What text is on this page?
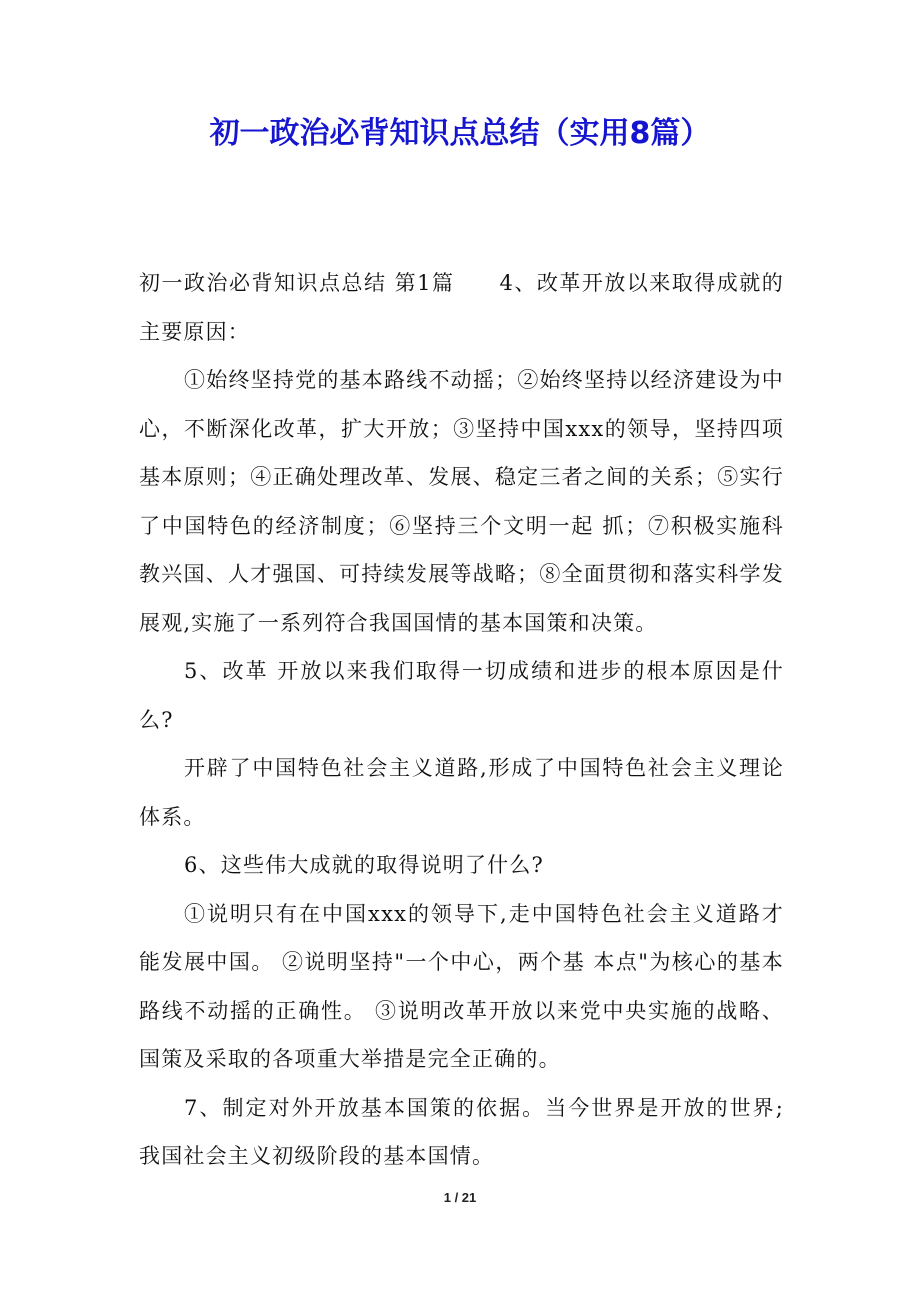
初一政治必背知识点总结（实用8篇）

初一政治必背知识点总结 第1篇　　4、改革开放以来取得成就的 主要原因：

①始终坚持党的基本路线不动摇；②始终坚持以经济建设为中心，不断深化改革，扩大开放；③坚持中国xxx的领导，坚持四项基本原则；④正确处理改革、发展、稳定三者之间的关系；⑤实行了中国特色的经济制度；⑥坚持三个文明一起 抓；⑦积极实施科教兴国、人才强国、可持续发展等战略；⑧全面贯彻和落实科学发展观,实施了一系列符合我国国情的基本国策和决策。

5、改革 开放以来我们取得一切成绩和进步的根本原因是什么?

开辟了中国特色社会主义道路,形成了中国特色社会主义理论体系。

6、这些伟大成就的取得说明了什么?

①说明只有在中国xxx的领导下,走中国特色社会主义道路才能发展中国。 ②说明坚持"一个中心，两个基 本点"为核心的基本路线不动摇的正确性。 ③说明改革开放以来党中央实施的战略、国策及采取的各项重大举措是完全正确的。

7、制定对外开放基本国策的依据。当今世界是开放的世界;我国社会主义初级阶段的基本国情。

1 / 21
